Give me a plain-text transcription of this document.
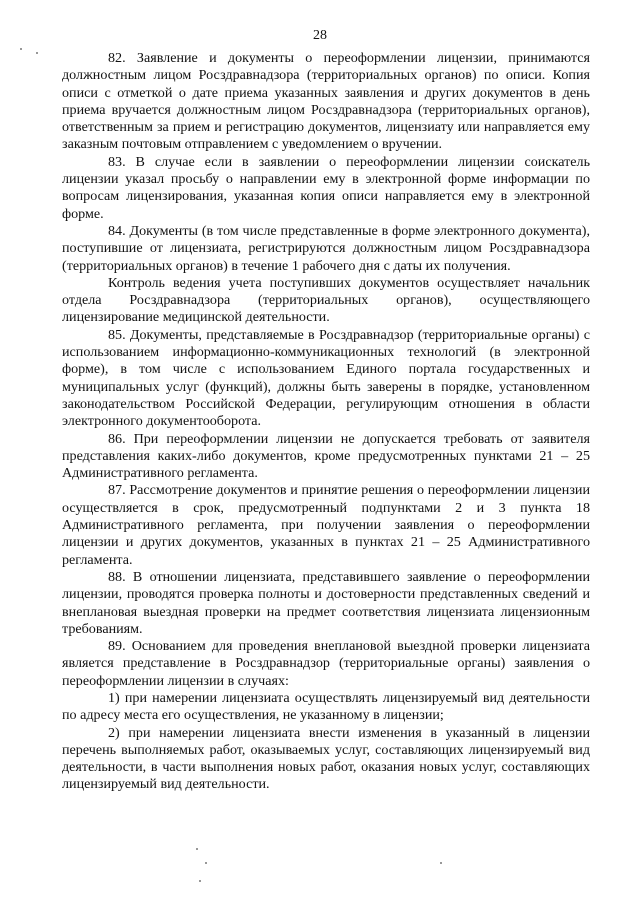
28

82. Заявление и документы о переоформлении лицензии, принимаются должностным лицом Росздравнадзора (территориальных органов) по описи. Копия описи с отметкой о дате приема указанных заявления и других документов в день приема вручается должностным лицом Росздравнадзора (территориальных органов), ответственным за прием и регистрацию документов, лицензиату или направляется ему заказным почтовым отправлением с уведомлением о вручении.

83. В случае если в заявлении о переоформлении лицензии соискатель лицензии указал просьбу о направлении ему в электронной форме информации по вопросам лицензирования, указанная копия описи направляется ему в электронной форме.

84. Документы (в том числе представленные в форме электронного документа), поступившие от лицензиата, регистрируются должностным лицом Росздравнадзора (территориальных органов) в течение 1 рабочего дня с даты их получения.

Контроль ведения учета поступивших документов осуществляет начальник отдела Росздравнадзора (территориальных органов), осуществляющего лицензирование медицинской деятельности.

85. Документы, представляемые в Росздравнадзор (территориальные органы) с использованием информационно-коммуникационных технологий (в электронной форме), в том числе с использованием Единого портала государственных и муниципальных услуг (функций), должны быть заверены в порядке, установленном законодательством Российской Федерации, регулирующим отношения в области электронного документооборота.

86. При переоформлении лицензии не допускается требовать от заявителя представления каких-либо документов, кроме предусмотренных пунктами 21 – 25 Административного регламента.

87. Рассмотрение документов и принятие решения о переоформлении лицензии осуществляется в срок, предусмотренный подпунктами 2 и 3 пункта 18 Административного регламента, при получении заявления о переоформлении лицензии и других документов, указанных в пунктах 21 – 25 Административного регламента.

88. В отношении лицензиата, представившего заявление о переоформлении лицензии, проводятся проверка полноты и достоверности представленных сведений и внеплановая выездная проверки на предмет соответствия лицензиата лицензионным требованиям.

89. Основанием для проведения внеплановой выездной проверки лицензиата является представление в Росздравнадзор (территориальные органы) заявления о переоформлении лицензии в случаях:

1) при намерении лицензиата осуществлять лицензируемый вид деятельности по адресу места его осуществления, не указанному в лицензии;

2) при намерении лицензиата внести изменения в указанный в лицензии перечень выполняемых работ, оказываемых услуг, составляющих лицензируемый вид деятельности, в части выполнения новых работ, оказания новых услуг, составляющих лицензируемый вид деятельности.
